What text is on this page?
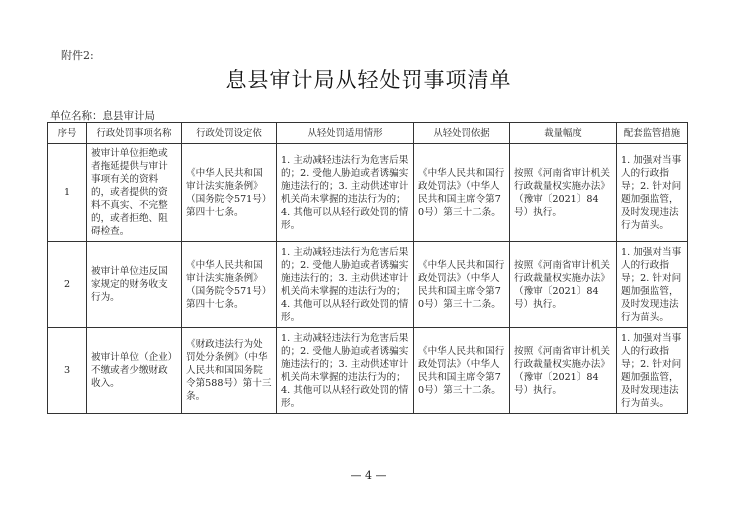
附件2:
息县审计局从轻处罚事项清单
单位名称：息县审计局
序号	行政处罚事项名称	行政处罚设定依	从轻处罚适用情形	从轻处罚依据	裁量幅度	配套监管措施
1	被审计单位拒绝或者拖延提供与审计事项有关的资料的，或者提供的资料不真实、不完整的，或者拒绝、阻碍检查。	《中华人民共和国审计法实施条例》（国务院令571号）第四十七条。	1. 主动减轻违法行为危害后果的；2. 受他人胁迫或者诱骗实施违法行的；3. 主动供述审计机关尚未掌握的违法行为的；4. 其他可以从轻行政处罚的情形。	《中华人民共和国行政处罚法》（中华人民共和国主席令第70号）第三十二条。	按照《河南省审计机关行政裁量权实施办法》（豫审〔2021〕84号）执行。	1. 加强对当事人的行政指导；2. 针对问题加强监管，及时发现违法行为苗头。
2	被审计单位违反国家规定的财务收支行为。	《中华人民共和国审计法实施条例》（国务院令571号）第四十七条。	1. 主动减轻违法行为危害后果的；2. 受他人胁迫或者诱骗实施违法行的；3. 主动供述审计机关尚未掌握的违法行为的；4. 其他可以从轻行政处罚的情形。	《中华人民共和国行政处罚法》（中华人民共和国主席令第70号）第三十二条。	按照《河南省审计机关行政裁量权实施办法》（豫审〔2021〕84号）执行。	1. 加强对当事人的行政指导；2. 针对问题加强监管，及时发现违法行为苗头。
3	被审计单位（企业）不缴或者少缴财政收入。	《财政违法行为处罚处分条例》（中华人民共和国国务院令第588号）第十三条。	1. 主动减轻违法行为危害后果的；2. 受他人胁迫或者诱骗实施违法行的；3. 主动供述审计机关尚未掌握的违法行为的；4. 其他可以从轻行政处罚的情形。	《中华人民共和国行政处罚法》（中华人民共和国主席令第70号）第三十二条。	按照《河南省审计机关行政裁量权实施办法》（豫审〔2021〕84号）执行。	1. 加强对当事人的行政指导；2. 针对问题加强监管，及时发现违法行为苗头。
— 4 —
